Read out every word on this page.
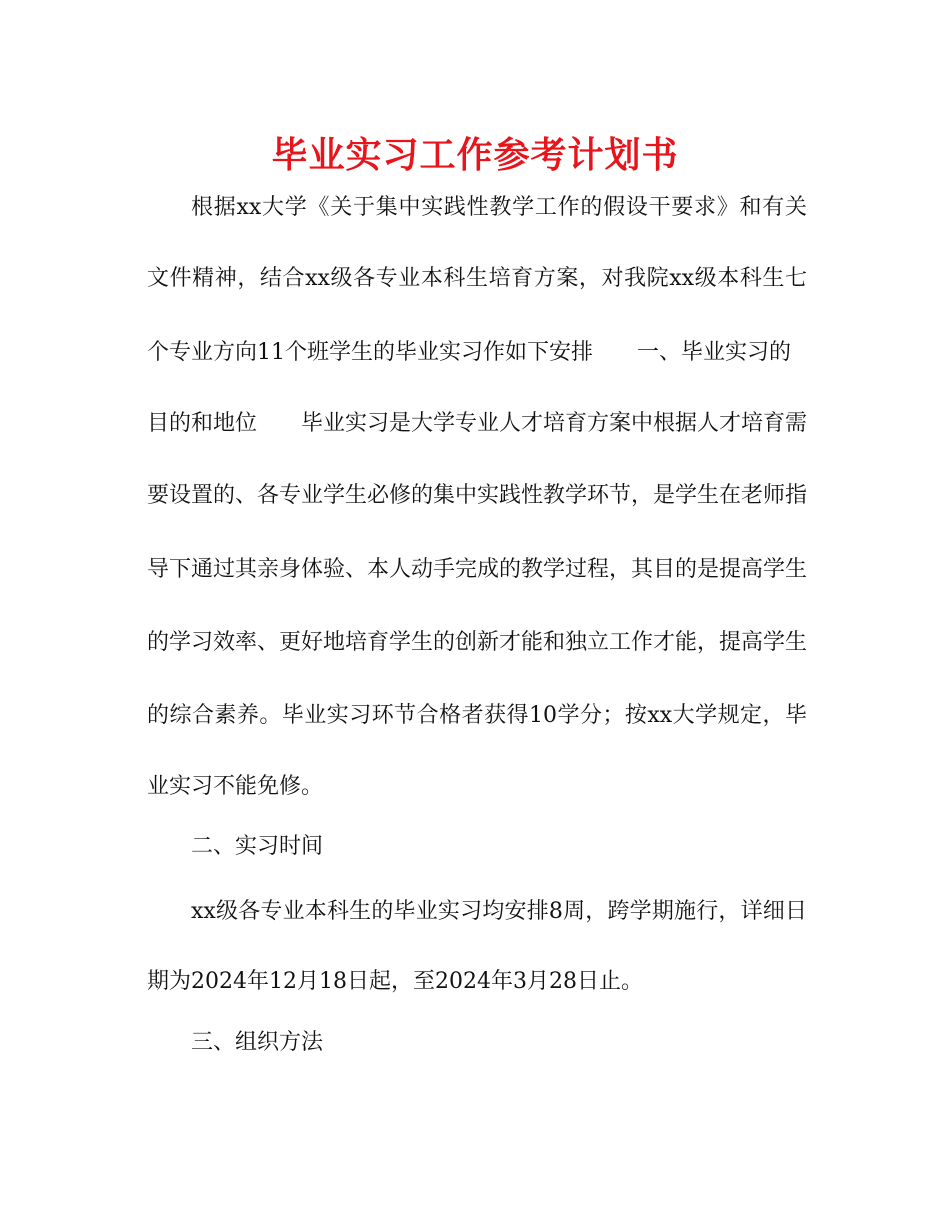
毕业实习工作参考计划书
根据xx大学《关于集中实践性教学工作的假设干要求》和有关
文件精神，结合xx级各专业本科生培育方案，对我院xx级本科生七
个专业方向11个班学生的毕业实习作如下安排 一、毕业实习的
目的和地位 毕业实习是大学专业人才培育方案中根据人才培育需
要设置的、各专业学生必修的集中实践性教学环节，是学生在老师指
导下通过其亲身体验、本人动手完成的教学过程，其目的是提高学生
的学习效率、更好地培育学生的创新才能和独立工作才能，提高学生
的综合素养。毕业实习环节合格者获得10学分；按xx大学规定，毕
业实习不能免修。
二、实习时间
xx级各专业本科生的毕业实习均安排8周，跨学期施行，详细日
期为2024年12月18日起，至2024年3月28日止。
三、组织方法
